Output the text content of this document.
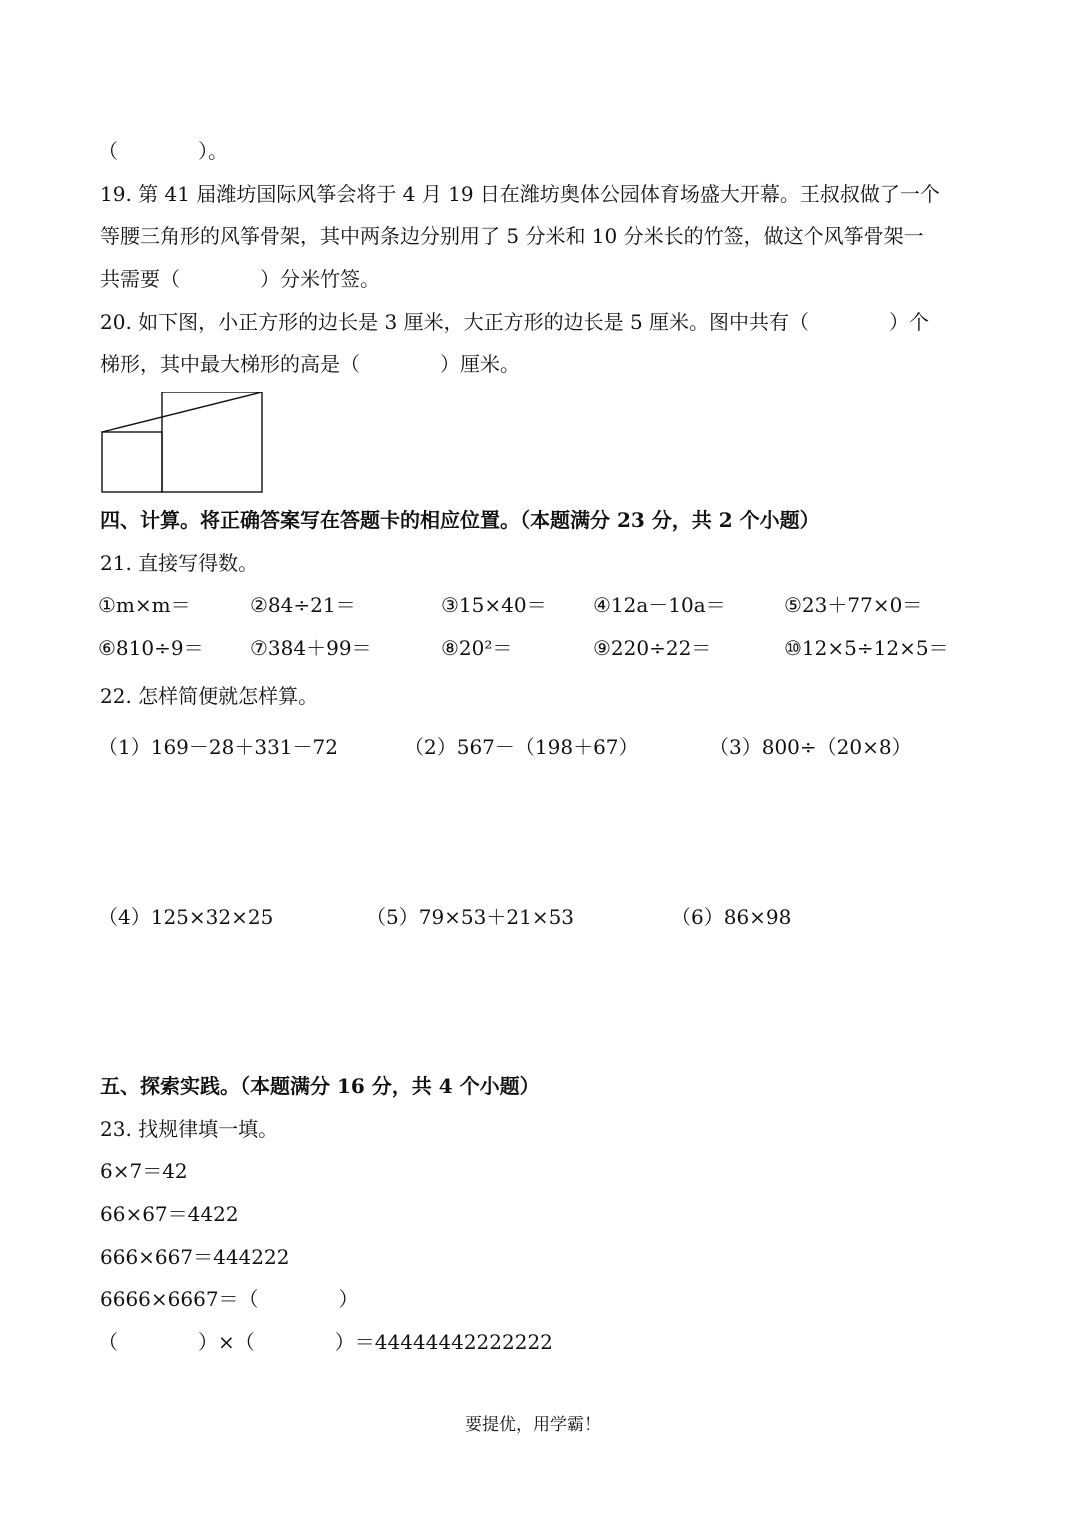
（　　　　）。
19. 第 41 届潍坊国际风筝会将于 4 月 19 日在潍坊奥体公园体育场盛大开幕。王叔叔做了一个
等腰三角形的风筝骨架，其中两条边分别用了 5 分米和 10 分米长的竹签，做这个风筝骨架一
共需要（　　　　）分米竹签。
20. 如下图，小正方形的边长是 3 厘米，大正方形的边长是 5 厘米。图中共有（　　　　）个
梯形，其中最大梯形的高是（　　　　）厘米。
四、计算。将正确答案写在答题卡的相应位置。（本题满分 23 分，共 2 个小题）
21. 直接写得数。
①m×m＝	②84÷21＝	③15×40＝ ④12a－10a＝	⑤23＋77×0＝
⑥810÷9＝ ⑦384＋99＝	⑧20²＝	⑨220÷22＝	⑩12×5÷12×5＝
22. 怎样简便就怎样算。
（1）169－28＋331－72	（2）567－（198＋67）	（3）800÷（20×8）
（4）125×32×25	（5）79×53＋21×53	（6）86×98
五、探索实践。（本题满分 16 分，共 4 个小题）
23. 找规律填一填。
6×7＝42
66×67＝4422
666×667＝444222
6666×6667＝（　　　　）
（　　　　）×（　　　　）＝44444442222222
要提优，用学霸！
